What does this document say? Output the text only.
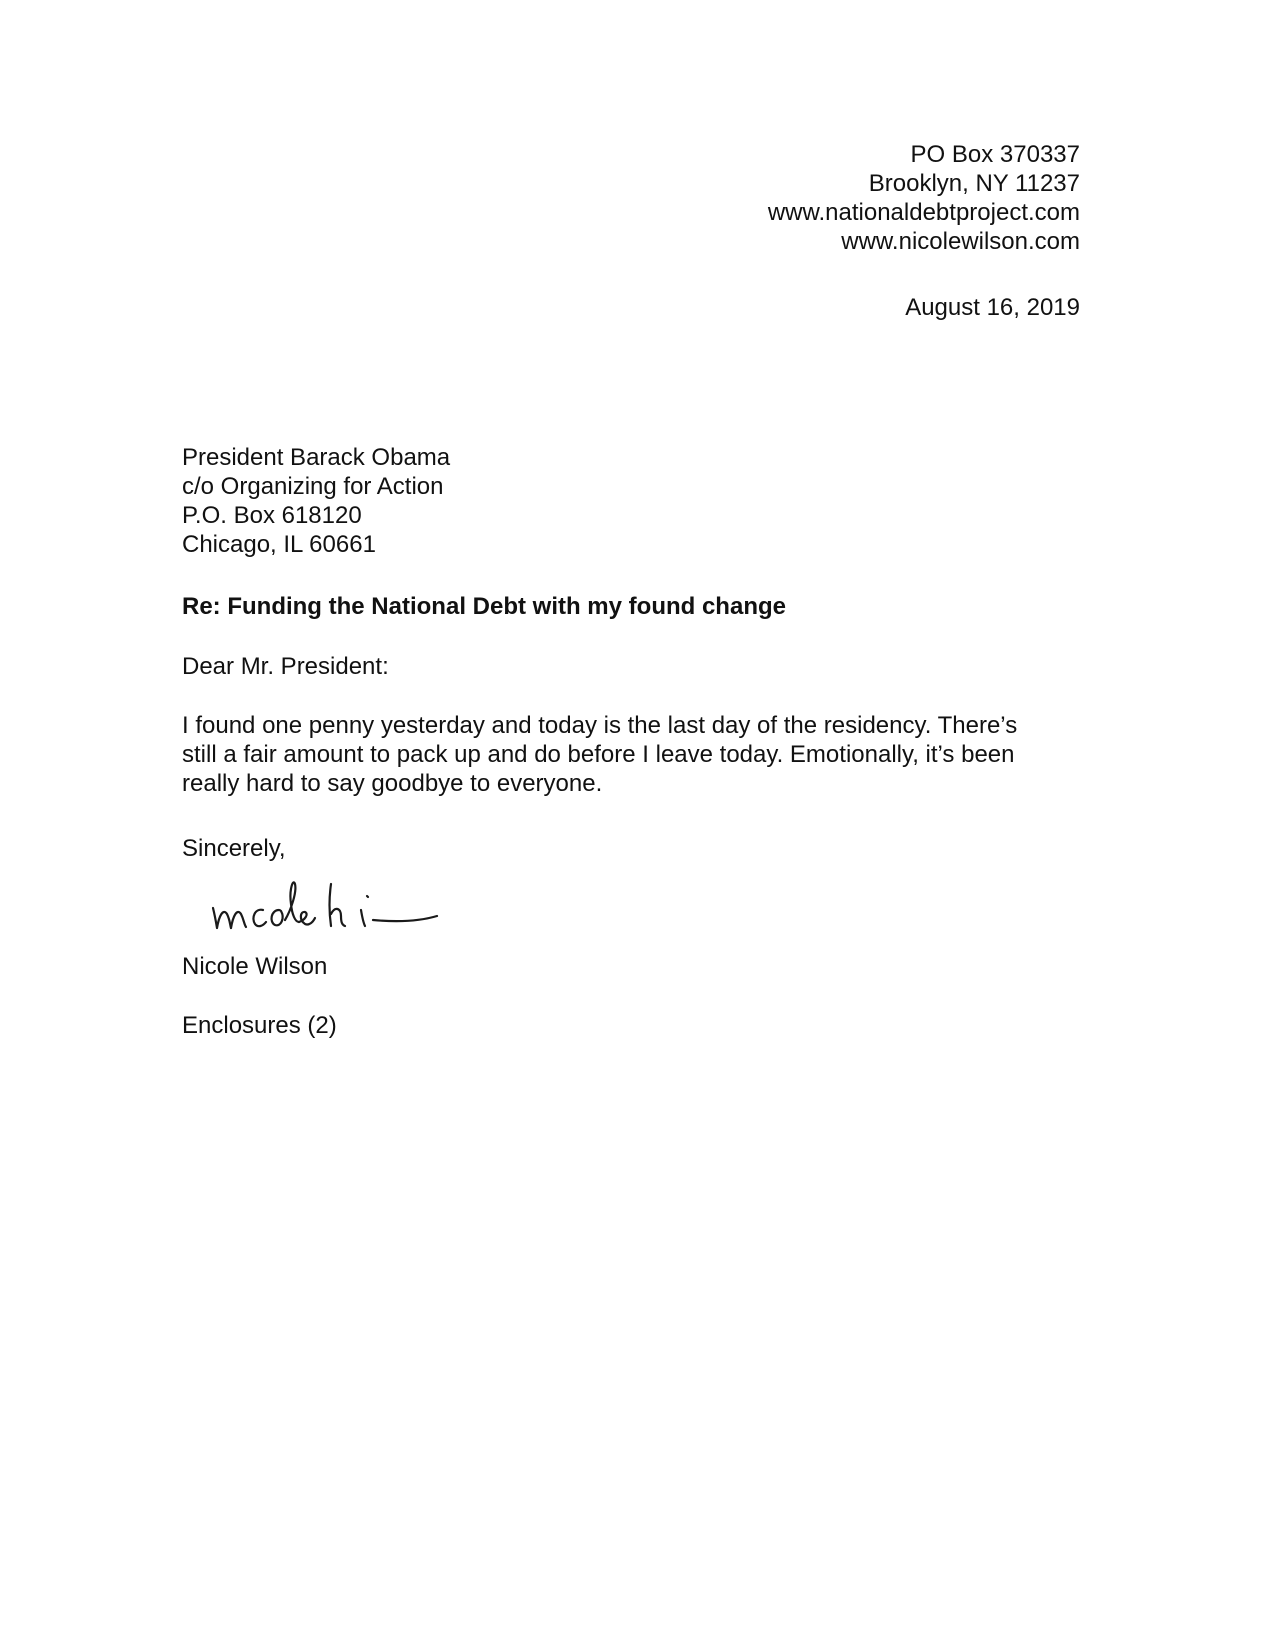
PO Box 370337
Brooklyn, NY 11237
www.nationaldebtproject.com
www.nicolewilson.com
August 16, 2019
President Barack Obama
c/o Organizing for Action
P.O. Box 618120
Chicago, IL 60661
Re: Funding the National Debt with my found change
Dear Mr. President:
I found one penny yesterday and today is the last day of the residency. There’s
still a fair amount to pack up and do before I leave today. Emotionally, it’s been
really hard to say goodbye to everyone.
Sincerely,
Nicole Wilson
Enclosures (2)
